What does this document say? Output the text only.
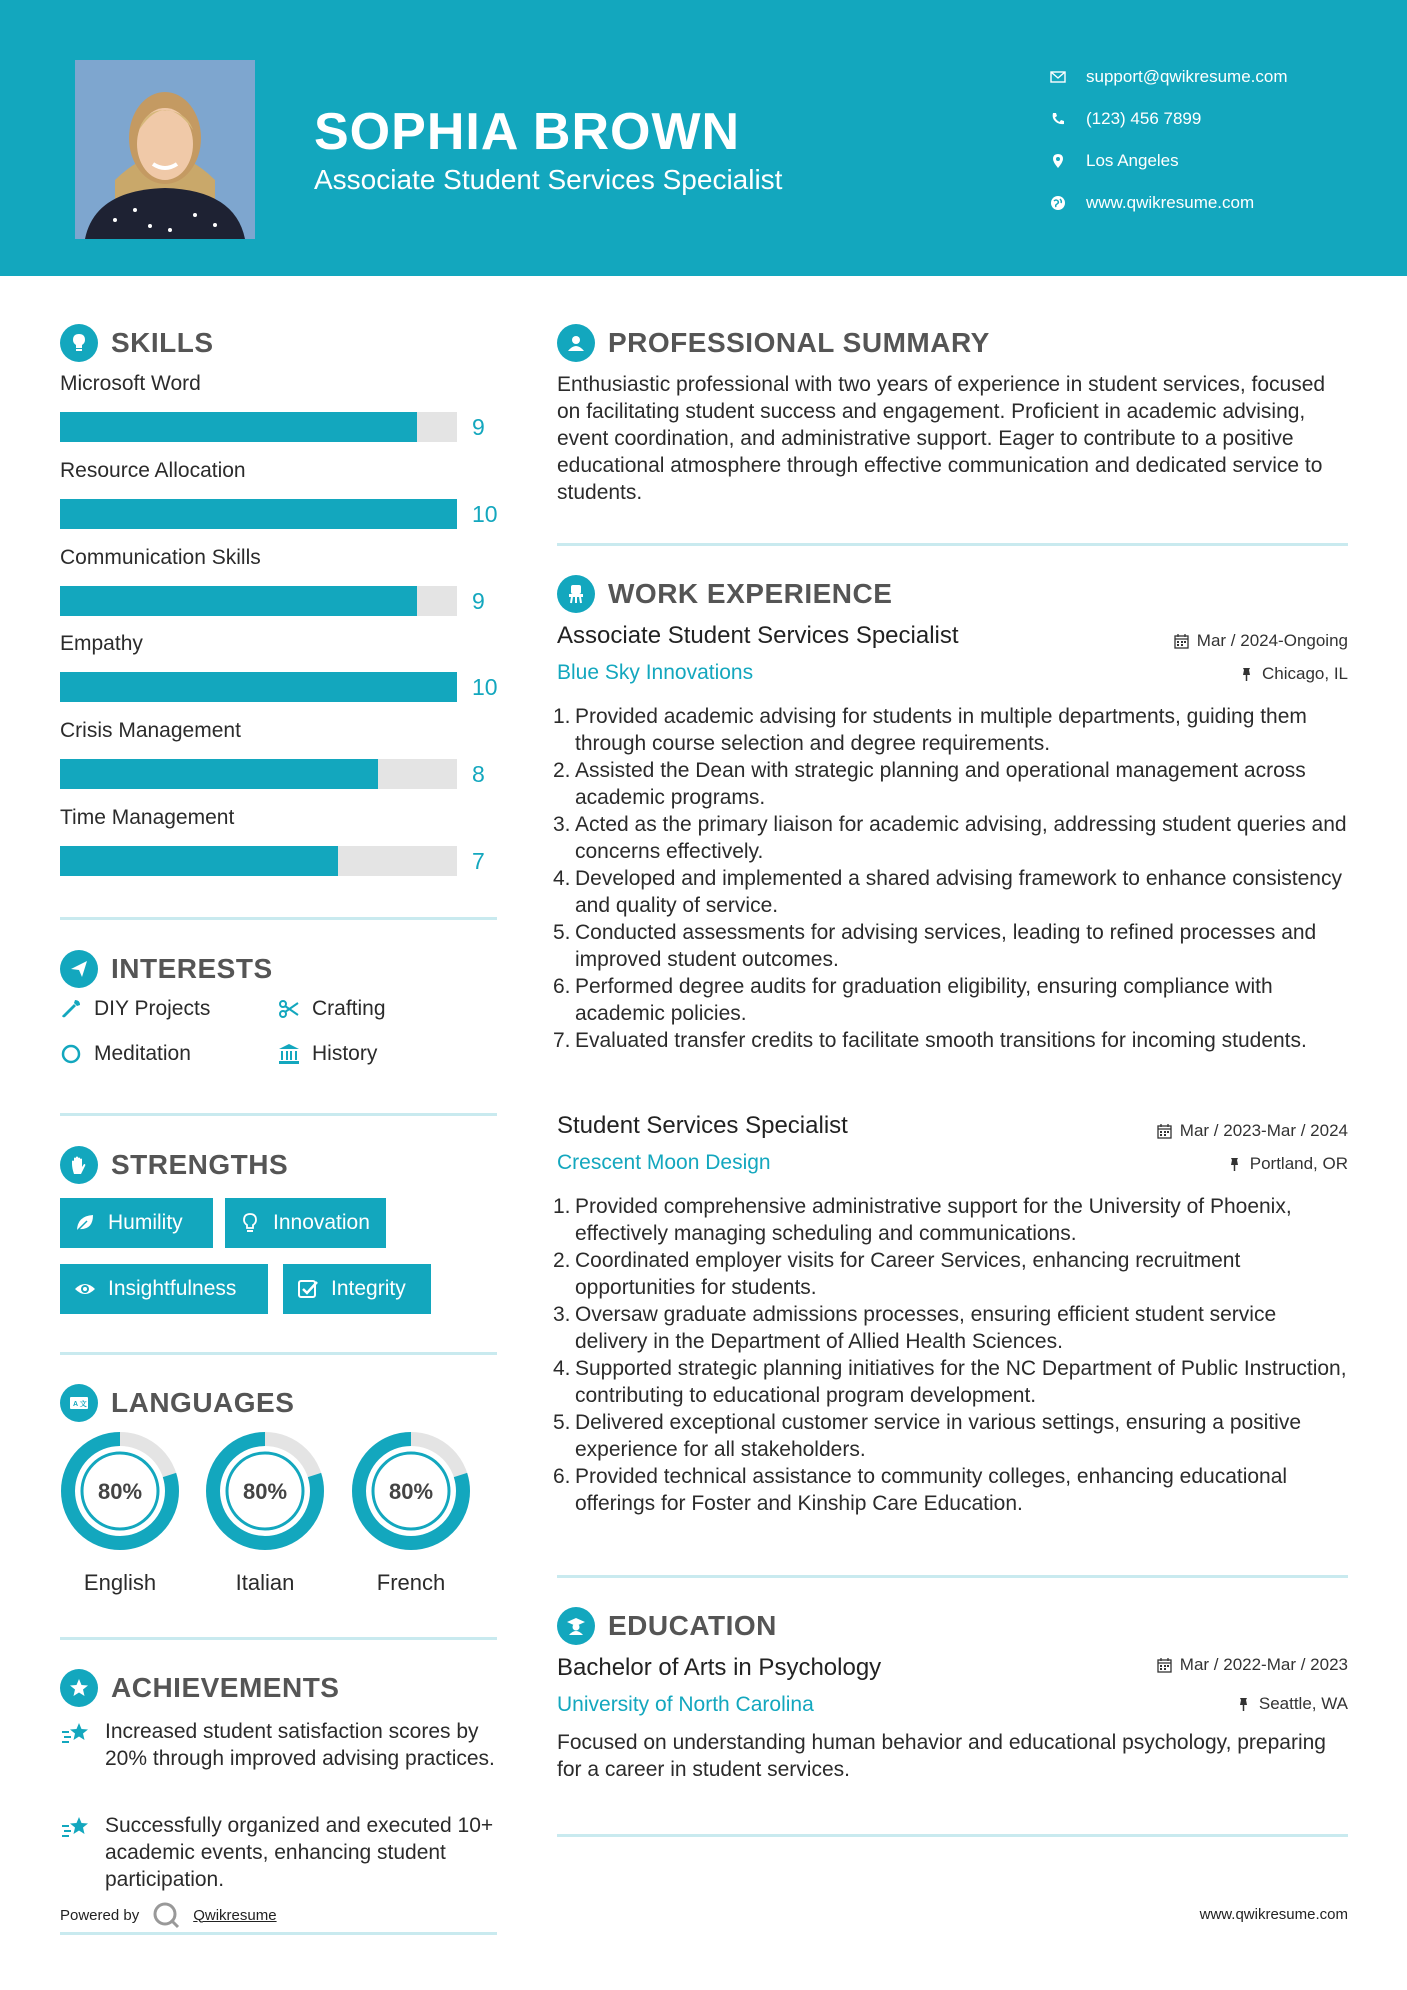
SOPHIA BROWN
Associate Student Services Specialist
support@qwikresume.com
(123) 456 7899
Los Angeles
www.qwikresume.com
SKILLS
Microsoft Word
9
Resource Allocation
10
Communication Skills
9
Empathy
10
Crisis Management
8
Time Management
7
INTERESTS
DIY Projects	Crafting
Meditation	History
STRENGTHS
Humility	Innovation
Insightfulness	Integrity
A 文 LANGUAGES
80%
English
80%
Italian
80%
French
ACHIEVEMENTS
Increased student satisfaction scores by 20% through improved advising practices.
Successfully organized and executed 10+ academic events, enhancing student participation.
Powered by	Qwikresume	www.qwikresume.com
PROFESSIONAL SUMMARY
Enthusiastic professional with two years of experience in student services, focused on facilitating student success and engagement. Proficient in academic advising, event coordination, and administrative support. Eager to contribute to a positive educational atmosphere through effective communication and dedicated service to students.
WORK EXPERIENCE
Associate Student Services Specialist	Mar / 2024-Ongoing
Blue Sky Innovations	Chicago, IL
1. Provided academic advising for students in multiple departments, guiding them through course selection and degree requirements.
2. Assisted the Dean with strategic planning and operational management across academic programs.
3. Acted as the primary liaison for academic advising, addressing student queries and concerns effectively.
4. Developed and implemented a shared advising framework to enhance consistency and quality of service.
5. Conducted assessments for advising services, leading to refined processes and improved student outcomes.
6. Performed degree audits for graduation eligibility, ensuring compliance with academic policies.
7. Evaluated transfer credits to facilitate smooth transitions for incoming students.
Student Services Specialist	Mar / 2023-Mar / 2024
Crescent Moon Design	Portland, OR
1. Provided comprehensive administrative support for the University of Phoenix, effectively managing scheduling and communications.
2. Coordinated employer visits for Career Services, enhancing recruitment opportunities for students.
3. Oversaw graduate admissions processes, ensuring efficient student service delivery in the Department of Allied Health Sciences.
4. Supported strategic planning initiatives for the NC Department of Public Instruction, contributing to educational program development.
5. Delivered exceptional customer service in various settings, ensuring a positive experience for all stakeholders.
6. Provided technical assistance to community colleges, enhancing educational offerings for Foster and Kinship Care Education.
EDUCATION
Bachelor of Arts in Psychology	Mar / 2022-Mar / 2023
University of North Carolina	Seattle, WA
Focused on understanding human behavior and educational psychology, preparing for a career in student services.
